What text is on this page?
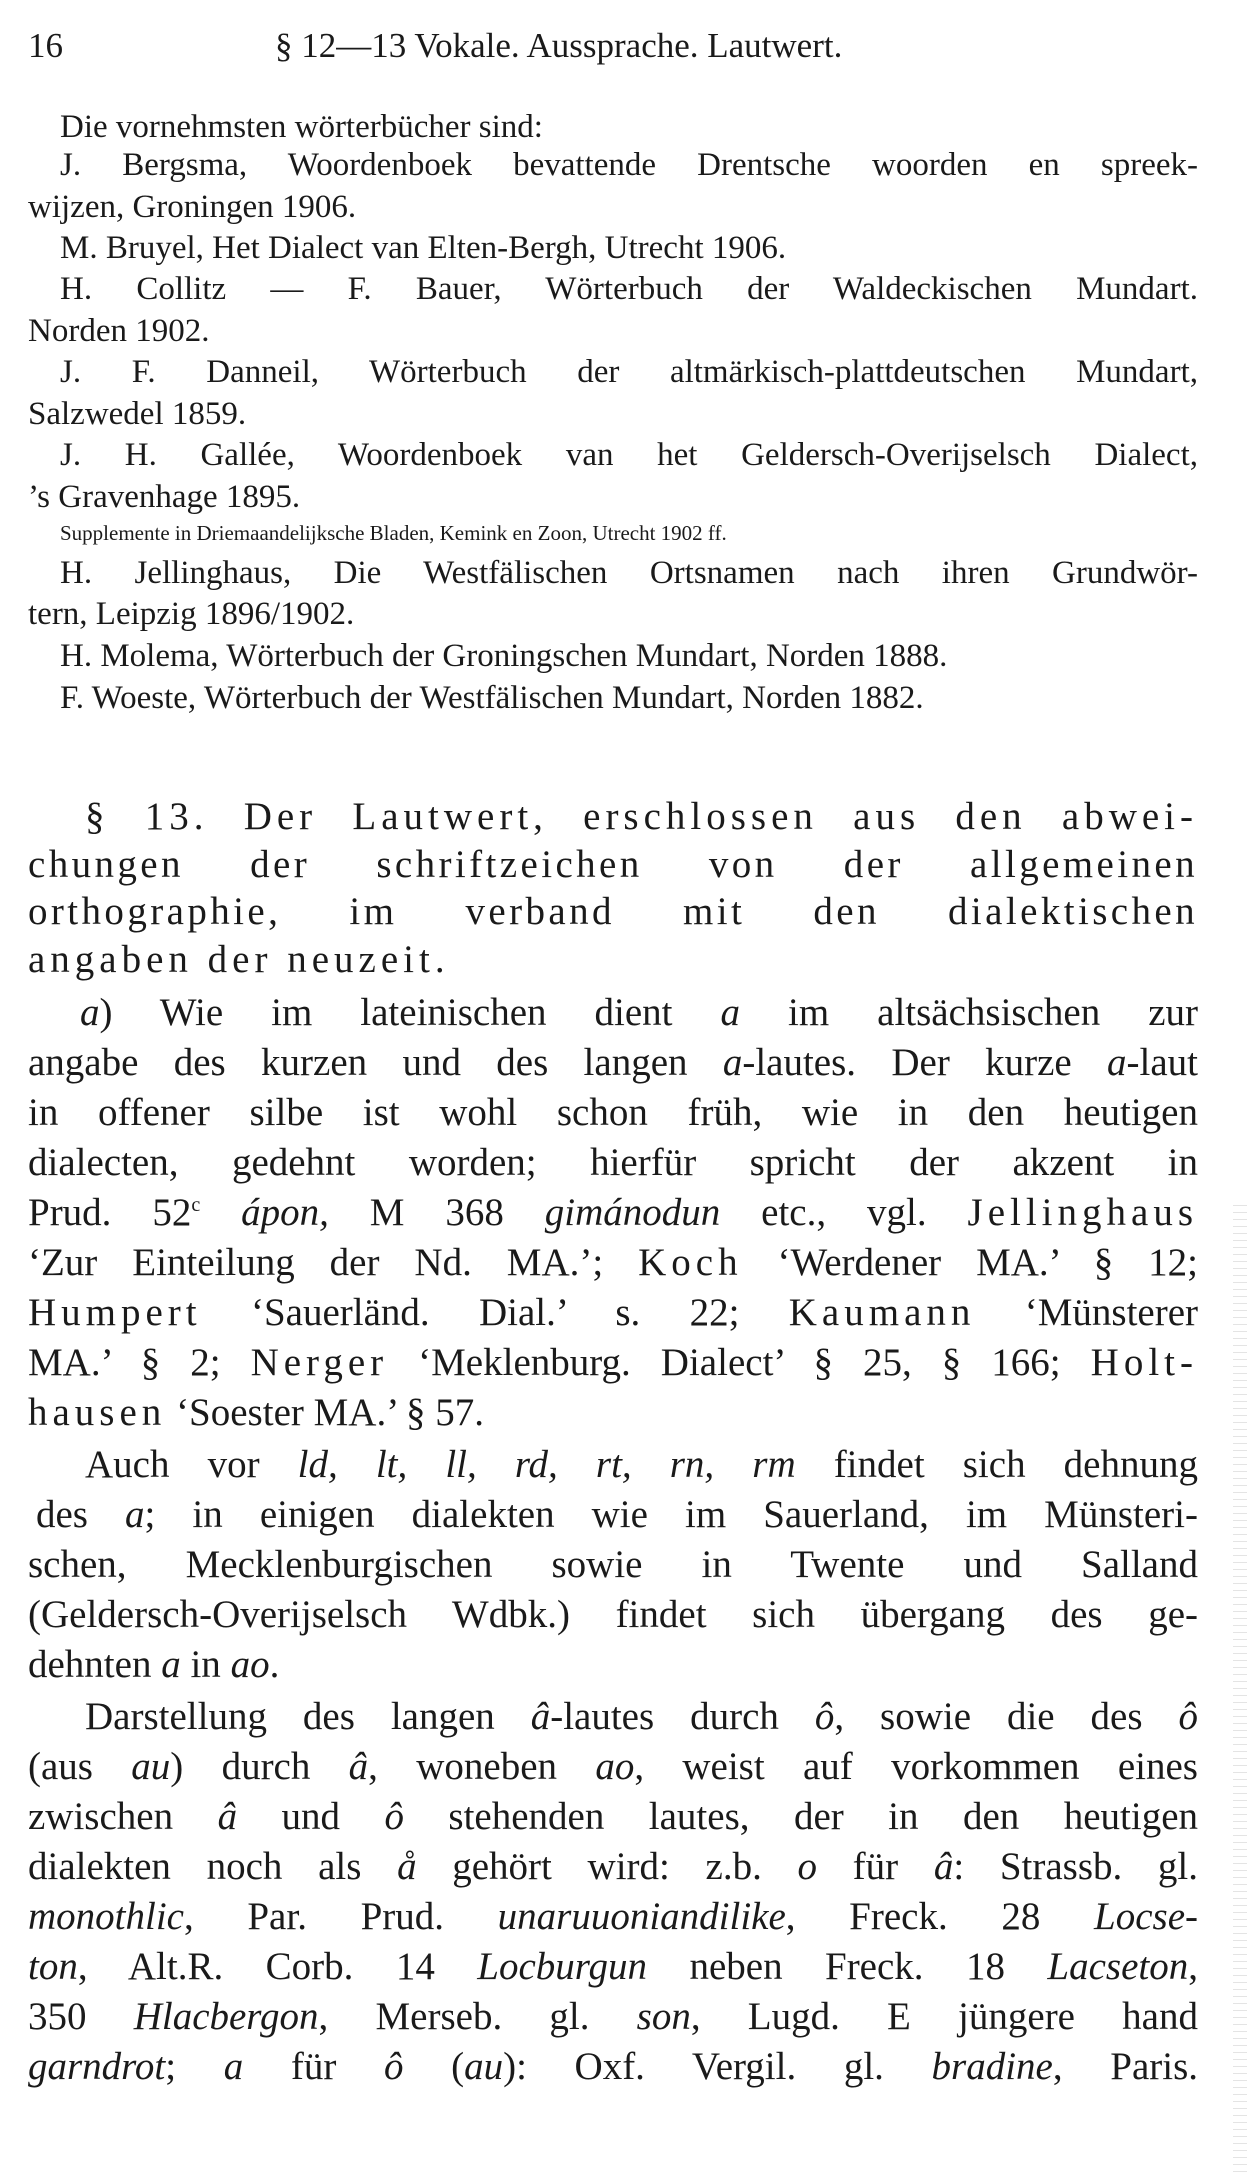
16	§ 12—13 Vokale. Aussprache. Lautwert.
Die vornehmsten wörterbücher sind:
J. Bergsma, Woordenboek bevattende Drentsche woorden en spreek-
wijzen, Groningen 1906.
M. Bruyel, Het Dialect van Elten-Bergh, Utrecht 1906.
H. Collitz — F. Bauer, Wörterbuch der Waldeckischen Mundart.
Norden 1902.
J. F. Danneil, Wörterbuch der altmärkisch-plattdeutschen Mundart,
Salzwedel 1859.
J. H. Gallée, Woordenboek van het Geldersch-Overijselsch Dialect,
’s Gravenhage 1895.
Supplemente in Driemaandelijksche Bladen, Kemink en Zoon, Utrecht 1902 ff.
H. Jellinghaus, Die Westfälischen Ortsnamen nach ihren Grundwör-
tern, Leipzig 1896/1902.
H. Molema, Wörterbuch der Groningschen Mundart, Norden 1888.
F. Woeste, Wörterbuch der Westfälischen Mundart, Norden 1882.
§ 13. Der Lautwert, erschlossen aus den abwei-
chungen der schriftzeichen von der allgemeinen
orthographie, im verband mit den dialektischen
angaben der neuzeit.
a) Wie im lateinischen dient a im altsächsischen zur
angabe des kurzen und des langen a-lautes. Der kurze a-laut
in offener silbe ist wohl schon früh, wie in den heutigen
dialecten, gedehnt worden; hierfür spricht der akzent in
Prud. 52$^c$ ápon, M 368 gimánodun etc., vgl. Jellinghaus
‘Zur Einteilung der Nd. MA.’; Koch ‘Werdener MA.’ § 12;
Humpert ‘Sauerländ. Dial.’ s. 22; Kaumann ‘Münsterer
MA.’ § 2; Nerger ‘Meklenburg. Dialect’ § 25, § 166; Holt-
hausen ‘Soester MA.’ § 57.
Auch vor ld, lt, ll, rd, rt, rn, rm findet sich dehnung
des a; in einigen dialekten wie im Sauerland, im Münsteri-
schen, Mecklenburgischen sowie in Twente und Salland
(Geldersch-Overijselsch Wdbk.) findet sich übergang des ge-
dehnten a in ao.
Darstellung des langen â-lautes durch ô, sowie die des ô
(aus au) durch â, woneben ao, weist auf vorkommen eines
zwischen â und ô stehenden lautes, der in den heutigen
dialekten noch als å gehört wird: z.b. o für â: Strassb. gl.
monothlic, Par. Prud. unaruuoniandilike, Freck. 28 Locse-
ton, Alt.R. Corb. 14 Locburgun neben Freck. 18 Lacseton,
350 Hlacbergon, Merseb. gl. son, Lugd. E jüngere hand
garndrot; a für ô (au): Oxf. Vergil. gl. bradine, Paris.
